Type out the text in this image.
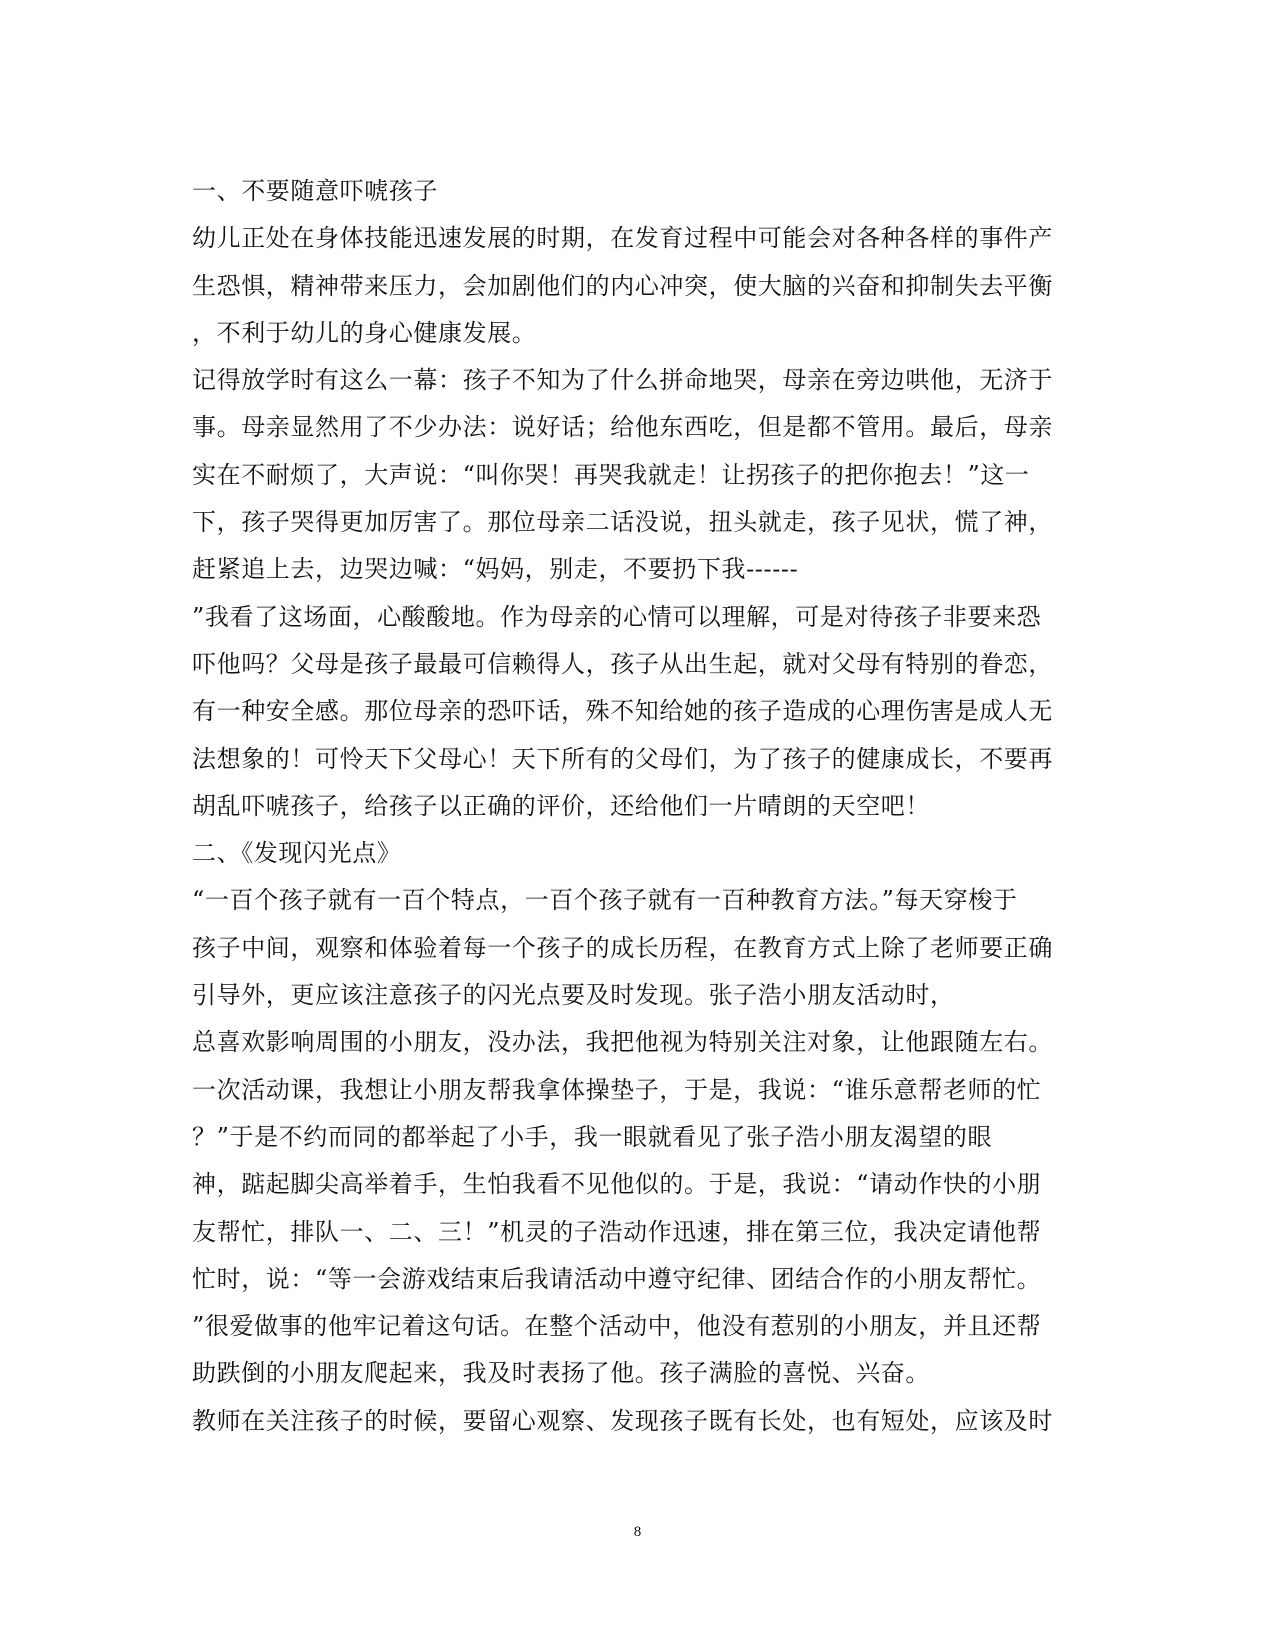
一、不要随意吓唬孩子
幼儿正处在身体技能迅速发展的时期，在发育过程中可能会对各种各样的事件产
生恐惧，精神带来压力，会加剧他们的内心冲突，使大脑的兴奋和抑制失去平衡
，不利于幼儿的身心健康发展。
记得放学时有这么一幕：孩子不知为了什么拼命地哭，母亲在旁边哄他，无济于
事。母亲显然用了不少办法：说好话；给他东西吃，但是都不管用。最后，母亲
实在不耐烦了，大声说：“叫你哭！再哭我就走！让拐孩子的把你抱去！”这一
下，孩子哭得更加厉害了。那位母亲二话没说，扭头就走，孩子见状，慌了神，
赶紧追上去，边哭边喊：“妈妈，别走，不要扔下我------
”我看了这场面，心酸酸地。作为母亲的心情可以理解，可是对待孩子非要来恐
吓他吗？父母是孩子最最可信赖得人，孩子从出生起，就对父母有特别的眷恋，
有一种安全感。那位母亲的恐吓话，殊不知给她的孩子造成的心理伤害是成人无
法想象的！可怜天下父母心！天下所有的父母们，为了孩子的健康成长，不要再
胡乱吓唬孩子，给孩子以正确的评价，还给他们一片晴朗的天空吧！
二、《发现闪光点》
“一百个孩子就有一百个特点，一百个孩子就有一百种教育方法。”每天穿梭于
孩子中间，观察和体验着每一个孩子的成长历程，在教育方式上除了老师要正确
引导外，更应该注意孩子的闪光点要及时发现。张子浩小朋友活动时，
总喜欢影响周围的小朋友，没办法，我把他视为特别关注对象，让他跟随左右。
一次活动课，我想让小朋友帮我拿体操垫子，于是，我说：“谁乐意帮老师的忙
？”于是不约而同的都举起了小手，我一眼就看见了张子浩小朋友渴望的眼
神，踮起脚尖高举着手，生怕我看不见他似的。于是，我说：“请动作快的小朋
友帮忙，排队一、二、三！”机灵的子浩动作迅速，排在第三位，我决定请他帮
忙时，说：“等一会游戏结束后我请活动中遵守纪律、团结合作的小朋友帮忙。
”很爱做事的他牢记着这句话。在整个活动中，他没有惹别的小朋友，并且还帮
助跌倒的小朋友爬起来，我及时表扬了他。孩子满脸的喜悦、兴奋。
教师在关注孩子的时候，要留心观察、发现孩子既有长处，也有短处，应该及时
8
